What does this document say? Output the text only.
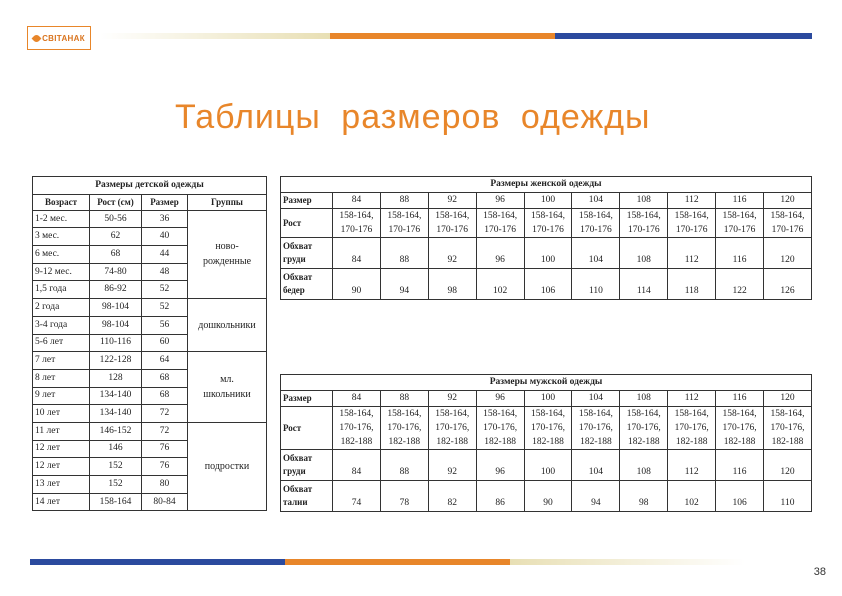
СВІТАНАК
Таблицы размеров одежды
Размеры детской одежды			
Возраст	Рост (см)	Размер	Группы
1-2 мес.	50-56	36	ново-
рожденные
3 мес.	62	40	
6 мес.	68	44	
9-12 мес.	74-80	48	
1,5 года	86-92	52	
2 года	98-104	52	дошкольники
3-4 года	98-104	56	
5-6 лет	110-116	60	
7 лет	122-128	64	мл.
школьники
8 лет	128	68	
9 лет	134-140	68	
10 лет	134-140	72	
11 лет	146-152	72	подростки
12 лет	146	76	
12 лет	152	76	
13 лет	152	80	
14 лет	158-164	80-84	
Размеры женской одежды										
Размер	84	88	92	96	100	104	108	112	116	120
Рост	158-164,
170-176	158-164,
170-176	158-164,
170-176	158-164,
170-176	158-164,
170-176	158-164,
170-176	158-164,
170-176	158-164,
170-176	158-164,
170-176	158-164,
170-176
Обхват
груди	84	88	92	96	100	104	108	112	116	120
Обхват
бедер	90	94	98	102	106	110	114	118	122	126
Размеры мужской одежды										
Размер	84	88	92	96	100	104	108	112	116	120
Рост	158-164,
170-176,
182-188	158-164,
170-176,
182-188	158-164,
170-176,
182-188	158-164,
170-176,
182-188	158-164,
170-176,
182-188	158-164,
170-176,
182-188	158-164,
170-176,
182-188	158-164,
170-176,
182-188	158-164,
170-176,
182-188	158-164,
170-176,
182-188
Обхват
груди	84	88	92	96	100	104	108	112	116	120
Обхват
талии	74	78	82	86	90	94	98	102	106	110
38
